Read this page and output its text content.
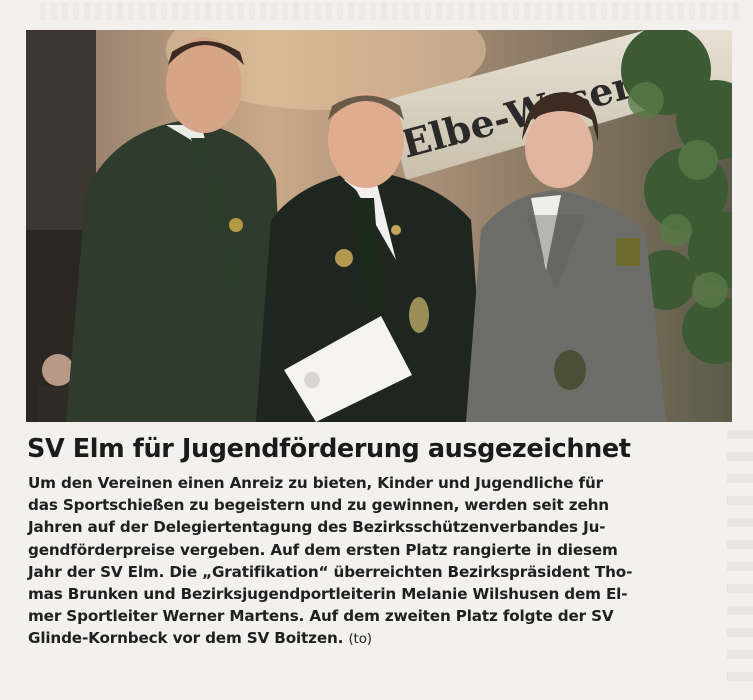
SV Elm für Jugendförderung ausgezeichnet
Um den Vereinen einen Anreiz zu bieten, Kinder und Jugendliche für
das Sportschießen zu begeistern und zu gewinnen, werden seit zehn
Jahren auf der Delegiertentagung des Bezirksschützenverbandes Ju-
gendförderpreise vergeben. Auf dem ersten Platz rangierte in diesem
Jahr der SV Elm. Die „Gratifikation“ überreichten Bezirkspräsident Tho-
mas Brunken und Bezirksjugendportleiterin Melanie Wilshusen dem El-
mer Sportleiter Werner Martens. Auf dem zweiten Platz folgte der SV
Glinde-Kornbeck vor dem SV Boitzen. (to)
